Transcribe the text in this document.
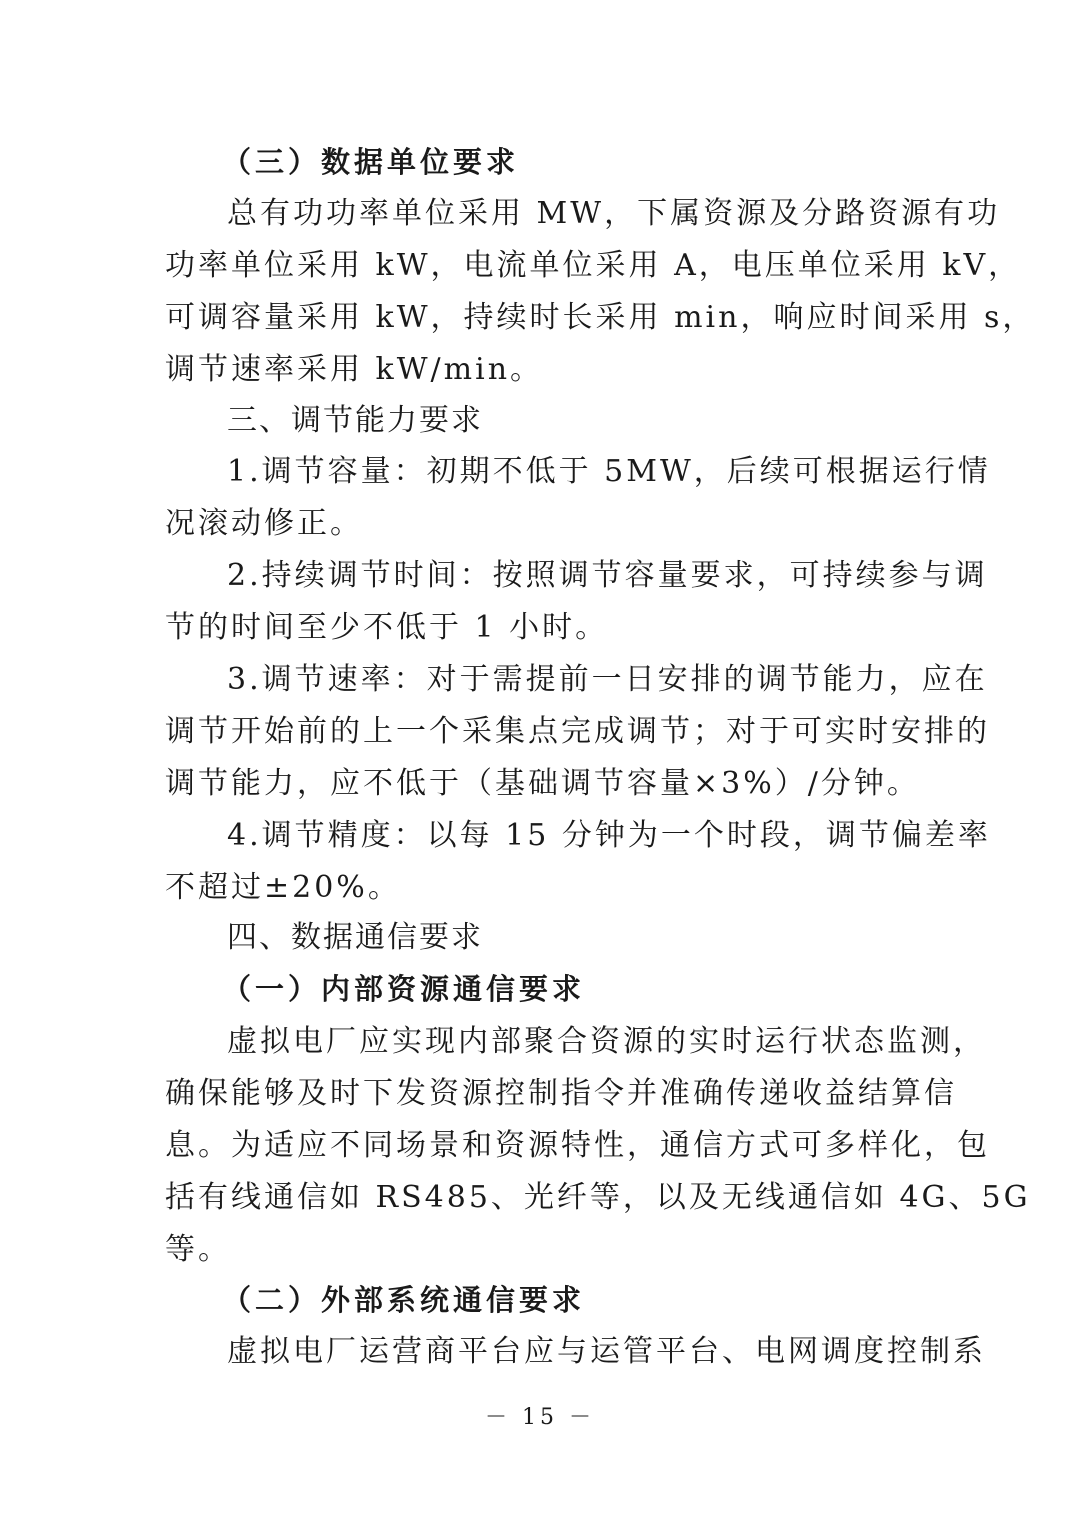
（三）数据单位要求
总有功功率单位采用 MW，下属资源及分路资源有功
功率单位采用 kW，电流单位采用 A，电压单位采用 kV，
可调容量采用 kW，持续时长采用 min，响应时间采用 s，
调节速率采用 kW/min。
三、调节能力要求
1.调节容量：初期不低于 5MW，后续可根据运行情
况滚动修正。
2.持续调节时间：按照调节容量要求，可持续参与调
节的时间至少不低于 1 小时。
3.调节速率：对于需提前一日安排的调节能力，应在
调节开始前的上一个采集点完成调节；对于可实时安排的
调节能力，应不低于（基础调节容量×3%）/分钟。
4.调节精度：以每 15 分钟为一个时段，调节偏差率
不超过±20%。
四、数据通信要求
（一）内部资源通信要求
虚拟电厂应实现内部聚合资源的实时运行状态监测，
确保能够及时下发资源控制指令并准确传递收益结算信
息。为适应不同场景和资源特性，通信方式可多样化，包
括有线通信如 RS485、光纤等，以及无线通信如 4G、5G
等。
（二）外部系统通信要求
虚拟电厂运营商平台应与运管平台、电网调度控制系
－ 15 －
